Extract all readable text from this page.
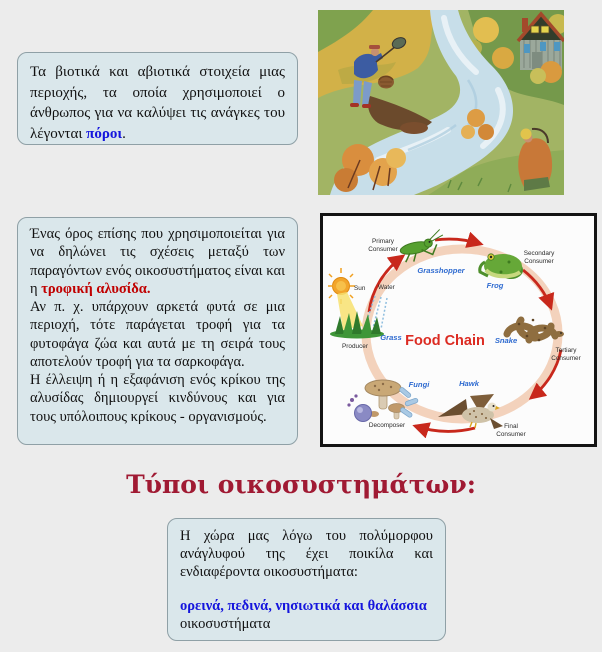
Τα βιοτικά και αβιοτικά στοιχεία μιας περιοχής, τα οποία χρησιμοποιεί ο άνθρωπος για να καλύψει τις ανάγκες του λέγονται πόροι.

Ένας όρος επίσης που χρησιμοποιείται για να δηλώνει τις σχέσεις μεταξύ των παραγόντων ενός οικοσυστήματος είναι και η τροφική αλυσίδα.

Αν π. χ. υπάρχουν αρκετά φυτά σε μια περιοχή, τότε παράγεται τροφή για τα φυτοφάγα ζώα και αυτά με τη σειρά τους αποτελούν τροφή για τα σαρκοφάγα.

Η έλλειψη ή η εξαφάνιση ενός κρίκου της αλυσίδας δημιουργεί κινδύνους και για τους υπόλοιπους κρίκους - οργανισμούς.

Food Chain
Sun Water
Grass
Producer
Primary
Consumer
Grasshopper
Secondary
Consumer
Frog
Snake
Tertiary
Consumer
Hawk
Final
Consumer
Fungi
Decomposer
Τύποι οικοσυστημάτων:

Η χώρα μας λόγω του πολύμορφου ανάγλυφού της έχει ποικίλα και ενδιαφέροντα οικοσυστήματα:

ορεινά, πεδινά, νησιωτικά και θαλάσσια
οικοσυστήματα
